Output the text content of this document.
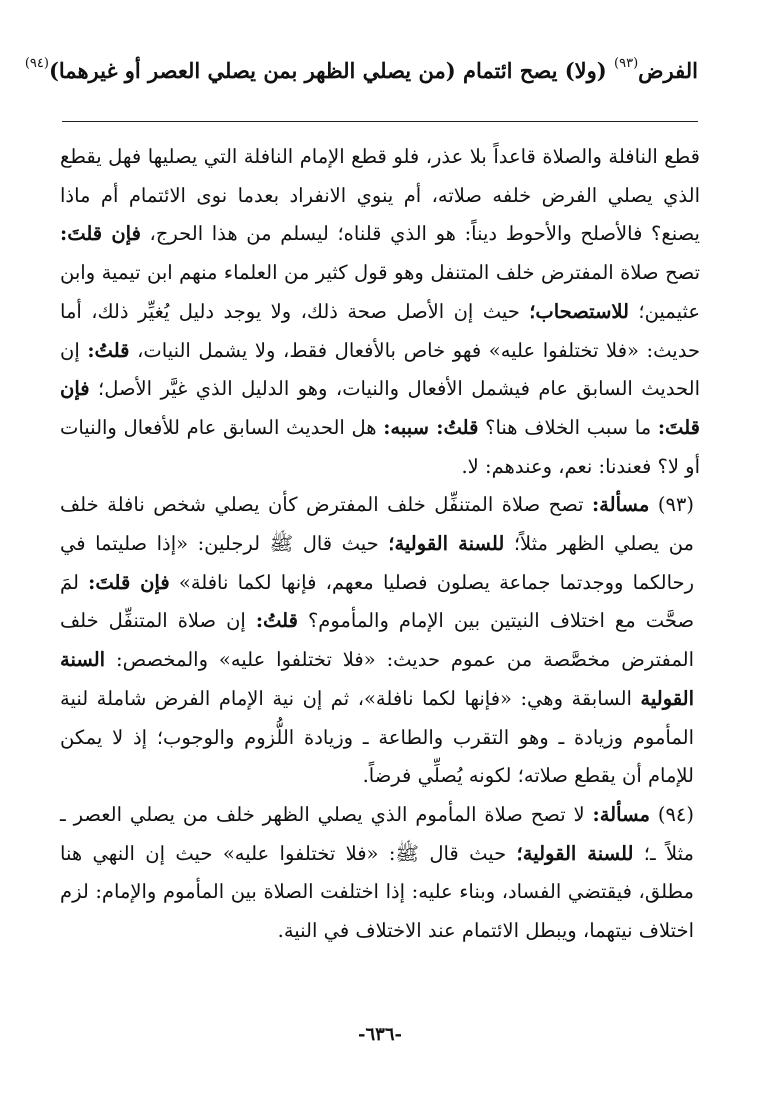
الفرض$^{(٩٣)}$ (ولا) يصح ائتمام (من يصلي الظهر بمن يصلي العصر أو غيرهما)$^{(٩٤)}$

قطع النافلة والصلاة قاعداً بلا عذر، فلو قطع الإمام النافلة التي يصليها فهل يقطع الذي يصلي الفرض خلفه صلاته، أم ينوي الانفراد بعدما نوى الائتمام أم ماذا يصنع؟ فالأصلح والأحوط ديناً: هو الذي قلناه؛ ليسلم من هذا الحرج، فإن قلتَ: تصح صلاة المفترض خلف المتنفل وهو قول كثير من العلماء منهم ابن تيمية وابن عثيمين؛ للاستصحاب؛ حيث إن الأصل صحة ذلك، ولا يوجد دليل يُغيِّر ذلك، أما حديث: «فلا تختلفوا عليه» فهو خاص بالأفعال فقط، ولا يشمل النيات، قلتُ: إن الحديث السابق عام فيشمل الأفعال والنيات، وهو الدليل الذي غيَّر الأصل؛ فإن قلتَ: ما سبب الخلاف هنا؟ قلتُ: سببه: هل الحديث السابق عام للأفعال والنيات أو لا؟ فعندنا: نعم، وعندهم: لا.

(٩٣) مسألة: تصح صلاة المتنفِّل خلف المفترض كأن يصلي شخص نافلة خلف من يصلي الظهر مثلاً؛ للسنة القولية؛ حيث قال ﷺ لرجلين: «إذا صليتما في رحالكما ووجدتما جماعة يصلون فصليا معهم، فإنها لكما نافلة» فإن قلتَ: لمَ صحَّت مع اختلاف النيتين بين الإمام والمأموم؟ قلتُ: إن صلاة المتنفِّل خلف المفترض مخصَّصة من عموم حديث: «فلا تختلفوا عليه» والمخصص: السنة القولية السابقة وهي: «فإنها لكما نافلة»، ثم إن نية الإمام الفرض شاملة لنية المأموم وزيادة ـ وهو التقرب والطاعة ـ وزيادة اللُّزوم والوجوب؛ إذ لا يمكن للإمام أن يقطع صلاته؛ لكونه يُصلِّي فرضاً.

(٩٤) مسألة: لا تصح صلاة المأموم الذي يصلي الظهر خلف من يصلي العصر ـ مثلاً ـ؛ للسنة القولية؛ حيث قال ﷺ: «فلا تختلفوا عليه» حيث إن النهي هنا مطلق، فيقتضي الفساد، وبناء عليه: إذا اختلفت الصلاة بين المأموم والإمام: لزم اختلاف نيتهما، ويبطل الائتمام عند الاختلاف في النية.

-٦٣٦-
